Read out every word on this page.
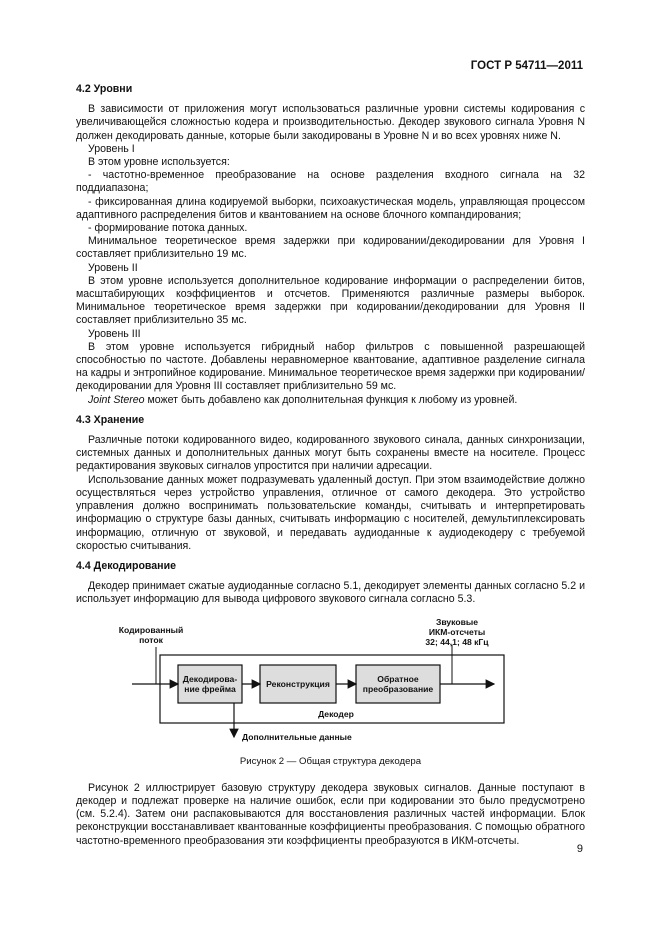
ГОСТ Р 54711—2011
4.2 Уровни

В зависимости от приложения могут использоваться различные уровни системы кодирования с увеличивающейся сложностью кодера и производительностью. Декодер звукового сигнала Уровня N должен декодировать данные, которые были закодированы в Уровне N и во всех уровнях ниже N.

Уровень I

В этом уровне используется:

- частотно-временное преобразование на основе разделения входного сигнала на 32 поддиапазона;

- фиксированная длина кодируемой выборки, психоакустическая модель, управляющая процессом адаптивного распределения битов и квантованием на основе блочного компандирования;

- формирование потока данных.

Минимальное теоретическое время задержки при кодировании/декодировании для Уровня I составляет приблизительно 19 мс.

Уровень II

В этом уровне используется дополнительное кодирование информации о распределении битов, масштабирующих коэффициентов и отсчетов. Применяются различные размеры выборок. Минимальное теоретическое время задержки при кодировании/декодировании для Уровня II составляет приблизительно 35 мс.

Уровень III

В этом уровне используется гибридный набор фильтров с повышенной разрешающей способностью по частоте. Добавлены неравномерное квантование, адаптивное разделение сигнала на кадры и энтропийное кодирование. Минимальное теоретическое время задержки при кодировании/декодировании для Уровня III составляет приблизительно 59 мс.

Joint Stereo может быть добавлено как дополнительная функция к любому из уровней.

4.3 Хранение

Различные потоки кодированного видео, кодированного звукового синала, данных синхронизации, системных данных и дополнительных данных могут быть сохранены вместе на носителе. Процесс редактирования звуковых сигналов упростится при наличии адресации.

Использование данных может подразумевать удаленный доступ. При этом взаимодействие должно осуществляться через устройство управления, отличное от самого декодера. Это устройство управления должно воспринимать пользовательские команды, считывать и интерпретировать информацию о структуре базы данных, считывать информацию с носителей, демультиплексировать информацию, отличную от звуковой, и передавать аудиоданные к аудиодекодеру с требуемой скоростью считывания.

4.4 Декодирование

Декодер принимает сжатые аудиоданные согласно 5.1, декодирует элементы данных согласно 5.2 и использует информацию для вывода цифрового звукового сигнала согласно 5.3.

Кодированный
поток
Звуковые
ИКМ-отсчеты
32; 44,1; 48 кГц
Декодирова-
ние фрейма	Реконструкция	Обратное
преобразование
Декодер
Дополнительные данные

Рисунок 2 — Общая структура декодера

Рисунок 2 иллюстрирует базовую структуру декодера звуковых сигналов. Данные поступают в декодер и подлежат проверке на наличие ошибок, если при кодировании это было предусмотрено (см. 5.2.4). Затем они распаковываются для восстановления различных частей информации. Блок реконструкции восстанавливает квантованные коэффициенты преобразования. С помощью обратного частотно-временного преобразования эти коэффициенты преобразуются в ИКМ-отсчеты.

9
